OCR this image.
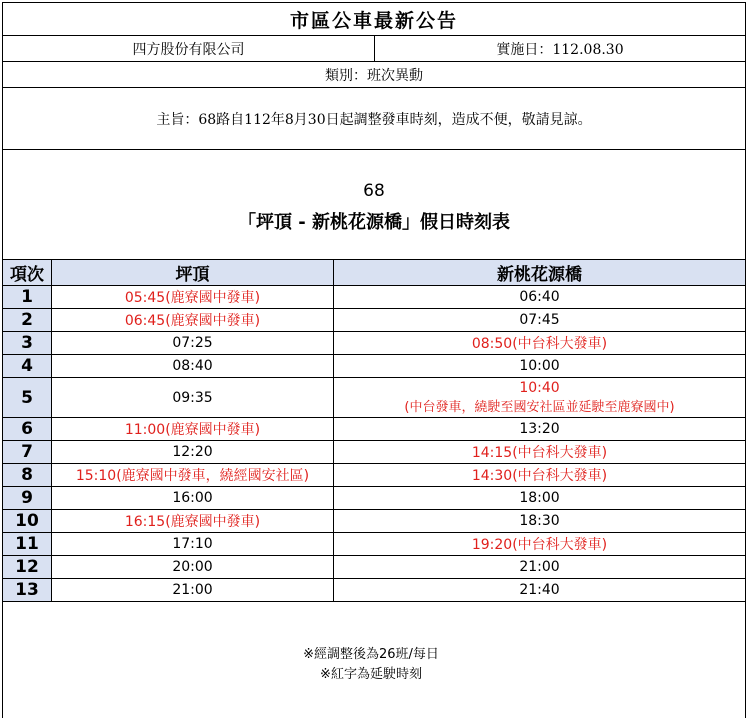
市區公車最新公告
四方股份有限公司	實施日：112.08.30
類別：班次異動
主旨：68路自112年8月30日起調整發車時刻，造成不便，敬請見諒。
68
「坪頂 - 新桃花源橋」假日時刻表
項次	坪頂	新桃花源橋
1	05:45(鹿寮國中發車)	06:40
2	06:45(鹿寮國中發車)	07:45
3	07:25	08:50(中台科大發車)
4	08:40	10:00
5	09:35	10:40
(中台發車，繞駛至國安社區並延駛至鹿寮國中)

6	11:00(鹿寮國中發車)	13:20
7	12:20	14:15(中台科大發車)
8	15:10(鹿寮國中發車，繞經國安社區)	14:30(中台科大發車)
9	16:00	18:00
10	16:15(鹿寮國中發車)	18:30
11	17:10	19:20(中台科大發車)
12	20:00	21:00
13	21:00	21:40
※經調整後為26班/每日
※紅字為延駛時刻
